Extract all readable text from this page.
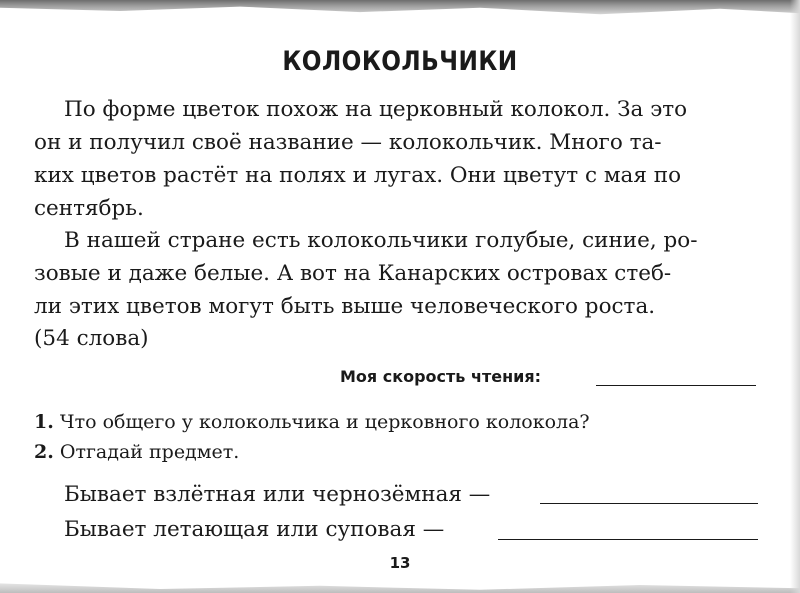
КОЛОКОЛЬЧИКИ
По форме цветок похож на церковный колокол. За это
он и получил своё название — колокольчик. Много та-
ких цветов растёт на полях и лугах. Они цветут с мая по
сентябрь.
В нашей стране есть колокольчики голубые, синие, ро-
зовые и даже белые. А вот на Канарских островах стеб-
ли этих цветов могут быть выше человеческого роста.
(54 слова)
Моя скорость чтения:
1. Что общего у колокольчика и церковного колокола?
2. Отгадай предмет.
Бывает взлётная или чернозёмная —
Бывает летающая или суповая —
13
